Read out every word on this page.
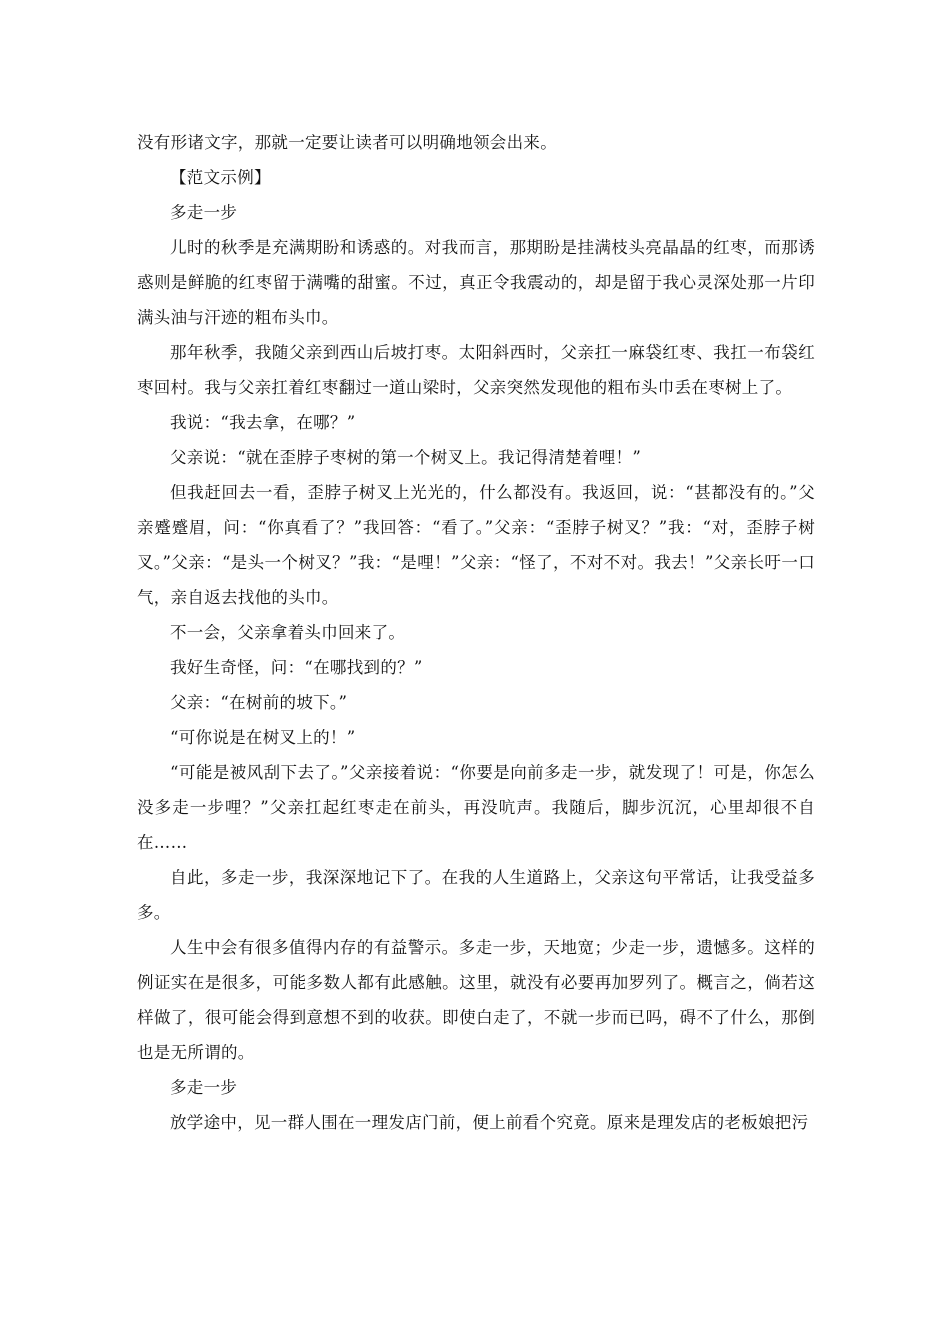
没有形诸文字，那就一定要让读者可以明确地领会出来。

【范文示例】

多走一步

儿时的秋季是充满期盼和诱惑的。对我而言，那期盼是挂满枝头亮晶晶的红枣，而那诱惑则是鲜脆的红枣留于满嘴的甜蜜。不过，真正令我震动的，却是留于我心灵深处那一片印满头油与汗迹的粗布头巾。

那年秋季，我随父亲到西山后坡打枣。太阳斜西时，父亲扛一麻袋红枣、我扛一布袋红枣回村。我与父亲扛着红枣翻过一道山梁时，父亲突然发现他的粗布头巾丢在枣树上了。

我说：“我去拿，在哪？”

父亲说：“就在歪脖子枣树的第一个树叉上。我记得清楚着哩！”

但我赶回去一看，歪脖子树叉上光光的，什么都没有。我返回，说：“甚都没有的。”父亲蹙蹙眉，问：“你真看了？”我回答：“看了。”父亲：“歪脖子树叉？”我：“对，歪脖子树叉。”父亲：“是头一个树叉？”我：“是哩！”父亲：“怪了，不对不对。我去！”父亲长吁一口气，亲自返去找他的头巾。

不一会，父亲拿着头巾回来了。

我好生奇怪，问：“在哪找到的？”

父亲：“在树前的坡下。”

“可你说是在树叉上的！”

“可能是被风刮下去了。”父亲接着说：“你要是向前多走一步，就发现了！可是，你怎么没多走一步哩？”父亲扛起红枣走在前头，再没吭声。我随后，脚步沉沉，心里却很不自在……

自此，多走一步，我深深地记下了。在我的人生道路上，父亲这句平常话，让我受益多多。

人生中会有很多值得内存的有益警示。多走一步，天地宽；少走一步，遗憾多。这样的例证实在是很多，可能多数人都有此感触。这里，就没有必要再加罗列了。概言之，倘若这样做了，很可能会得到意想不到的收获。即使白走了，不就一步而已吗，碍不了什么，那倒也是无所谓的。

多走一步

放学途中，见一群人围在一理发店门前，便上前看个究竟。原来是理发店的老板娘把污
